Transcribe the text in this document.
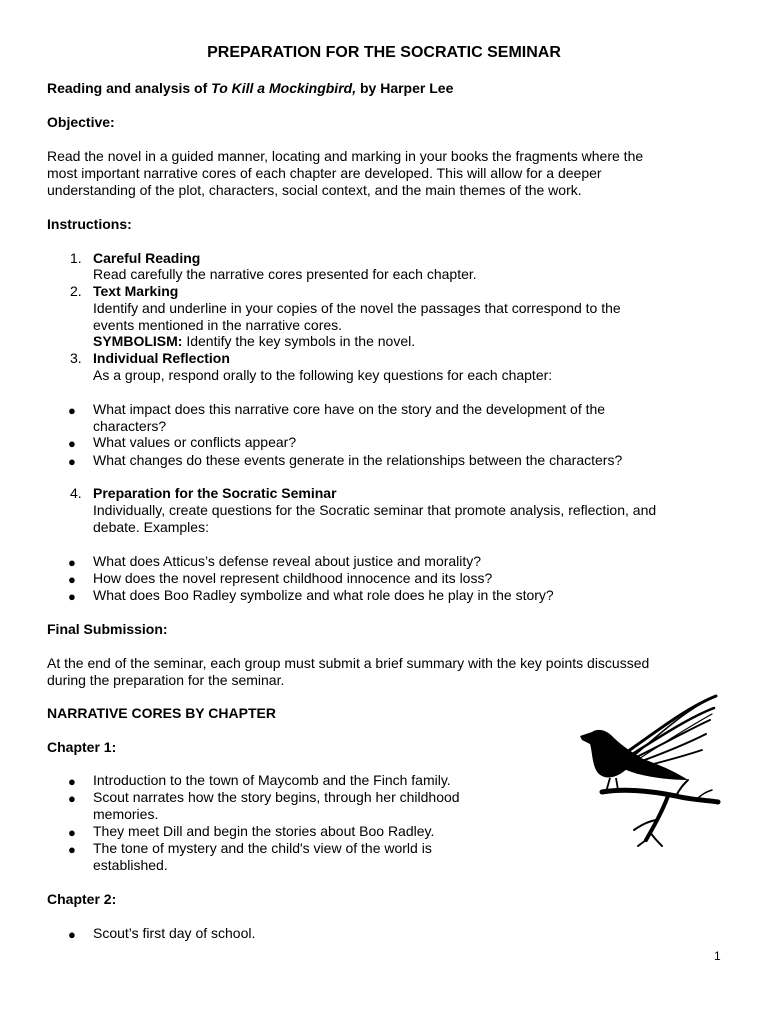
PREPARATION FOR THE SOCRATIC SEMINAR
Reading and analysis of To Kill a Mockingbird, by Harper Lee
Objective:
Read the novel in a guided manner, locating and marking in your books the fragments where the
most important narrative cores of each chapter are developed. This will allow for a deeper
understanding of the plot, characters, social context, and the main themes of the work.
Instructions:
1. Careful Reading
Read carefully the narrative cores presented for each chapter.
2. Text Marking
Identify and underline in your copies of the novel the passages that correspond to the
events mentioned in the narrative cores.
SYMBOLISM: Identify the key symbols in the novel.
3. Individual Reflection
As a group, respond orally to the following key questions for each chapter:
● What impact does this narrative core have on the story and the development of the
characters?
● What values or conflicts appear?
● What changes do these events generate in the relationships between the characters?
4. Preparation for the Socratic Seminar
Individually, create questions for the Socratic seminar that promote analysis, reflection, and
debate. Examples:
● What does Atticus’s defense reveal about justice and morality?
● How does the novel represent childhood innocence and its loss?
● What does Boo Radley symbolize and what role does he play in the story?
Final Submission:
At the end of the seminar, each group must submit a brief summary with the key points discussed
during the preparation for the seminar.
NARRATIVE CORES BY CHAPTER
Chapter 1:
● Introduction to the town of Maycomb and the Finch family.
● Scout narrates how the story begins, through her childhood
memories.
● They meet Dill and begin the stories about Boo Radley.
● The tone of mystery and the child's view of the world is
established.
Chapter 2:
● Scout’s first day of school.
1
